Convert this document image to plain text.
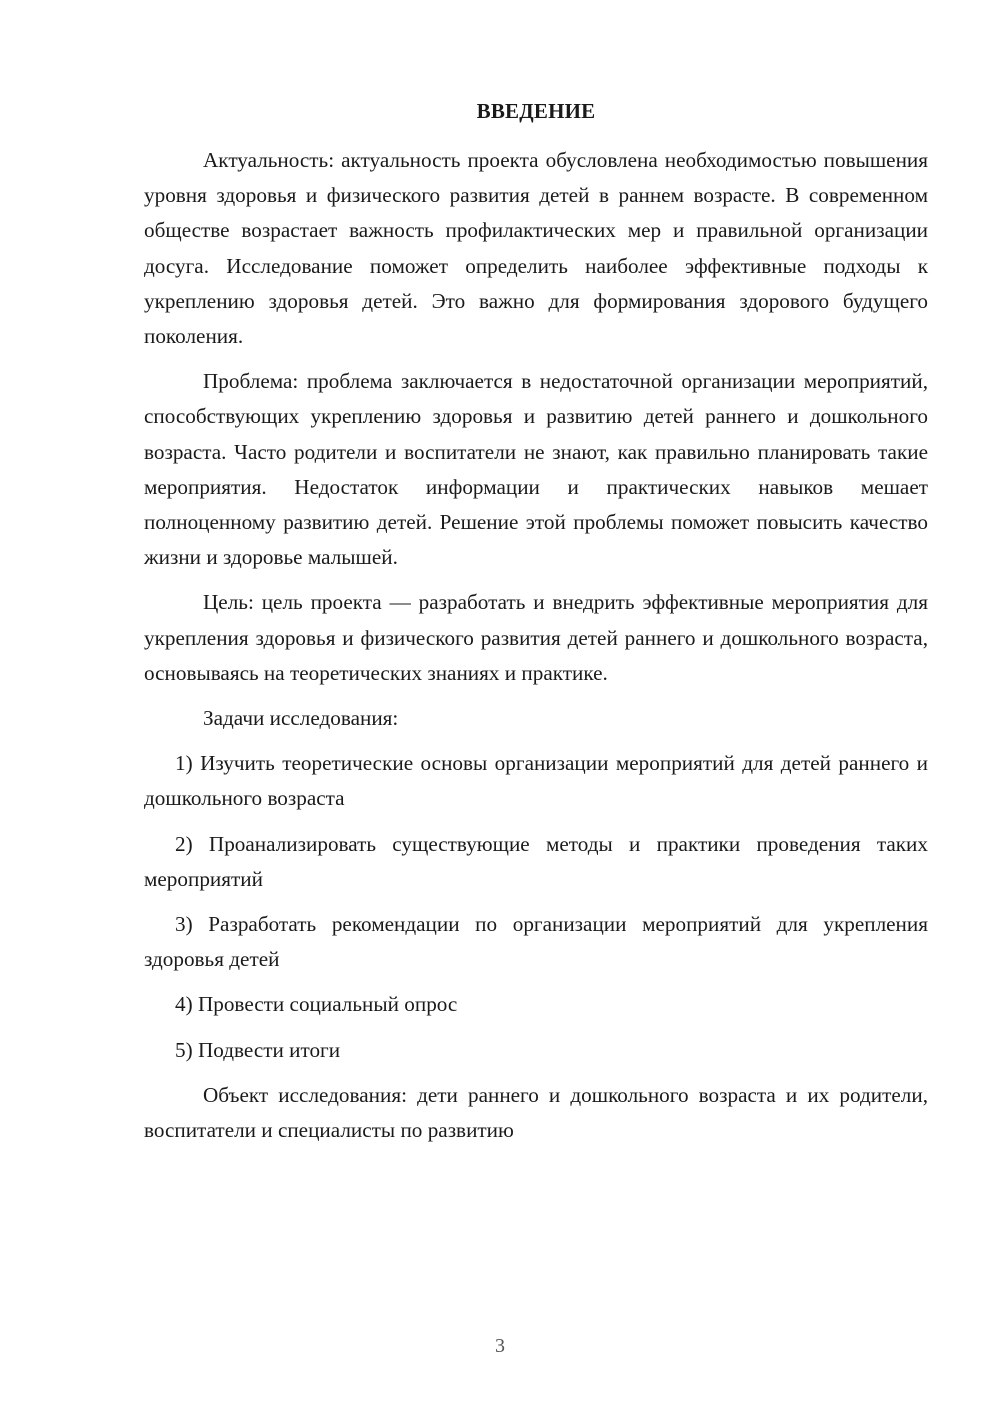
ВВЕДЕНИЕ

Актуальность: актуальность проекта обусловлена необходимостью повышения уровня здоровья и физического развития детей в раннем возрасте. В современном обществе возрастает важность профилактических мер и правильной организации досуга. Исследование поможет определить наиболее эффективные подходы к укреплению здоровья детей. Это важно для формирования здорового будущего поколения.

Проблема: проблема заключается в недостаточной организации мероприятий, способствующих укреплению здоровья и развитию детей раннего и дошкольного возраста. Часто родители и воспитатели не знают, как правильно планировать такие мероприятия. Недостаток информации и практических навыков мешает полноценному развитию детей. Решение этой проблемы поможет повысить качество жизни и здоровье малышей.

Цель: цель проекта — разработать и внедрить эффективные мероприятия для укрепления здоровья и физического развития детей раннего и дошкольного возраста, основываясь на теоретических знаниях и практике.

Задачи исследования:

1) Изучить теоретические основы организации мероприятий для детей раннего и дошкольного возраста

2) Проанализировать существующие методы и практики проведения таких мероприятий

3) Разработать рекомендации по организации мероприятий для укрепления здоровья детей

4) Провести социальный опрос

5) Подвести итоги

Объект исследования: дети раннего и дошкольного возраста и их родители, воспитатели и специалисты по развитию

3
